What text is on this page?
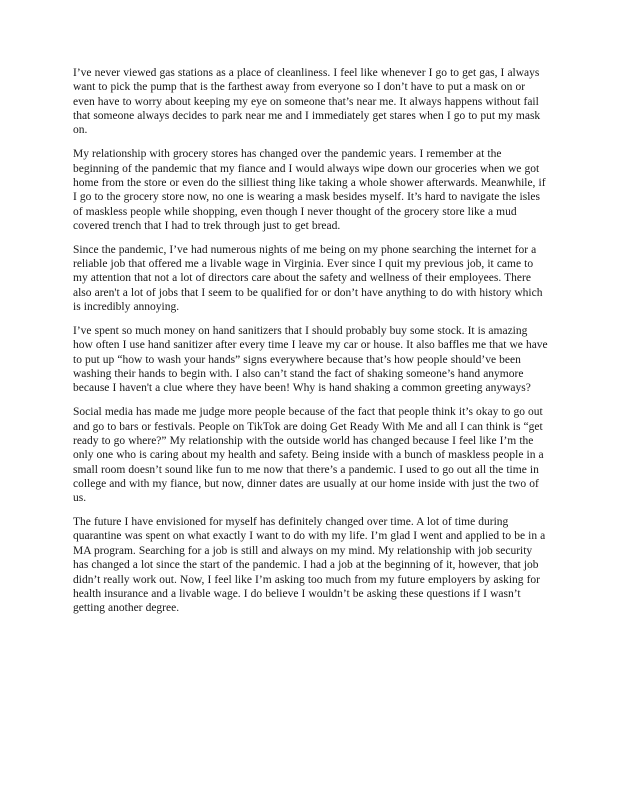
I’ve never viewed gas stations as a place of cleanliness. I feel like whenever I go to get gas, I always want to pick the pump that is the farthest away from everyone so I don’t have to put a mask on or even have to worry about keeping my eye on someone that’s near me. It always happens without fail that someone always decides to park near me and I immediately get stares when I go to put my mask on.

My relationship with grocery stores has changed over the pandemic years. I remember at the beginning of the pandemic that my fiance and I would always wipe down our groceries when we got home from the store or even do the silliest thing like taking a whole shower afterwards. Meanwhile, if I go to the grocery store now, no one is wearing a mask besides myself. It’s hard to navigate the isles of maskless people while shopping, even though I never thought of the grocery store like a mud covered trench that I had to trek through just to get bread.

Since the pandemic, I’ve had numerous nights of me being on my phone searching the internet for a reliable job that offered me a livable wage in Virginia. Ever since I quit my previous job, it came to my attention that not a lot of directors care about the safety and wellness of their employees. There also aren't a lot of jobs that I seem to be qualified for or don’t have anything to do with history which is incredibly annoying.

I’ve spent so much money on hand sanitizers that I should probably buy some stock. It is amazing how often I use hand sanitizer after every time I leave my car or house. It also baffles me that we have to put up “how to wash your hands” signs everywhere because that’s how people should’ve been washing their hands to begin with. I also can’t stand the fact of shaking someone’s hand anymore because I haven't a clue where they have been! Why is hand shaking a common greeting anyways?

Social media has made me judge more people because of the fact that people think it’s okay to go out and go to bars or festivals. People on TikTok are doing Get Ready With Me and all I can think is “get ready to go where?” My relationship with the outside world has changed because I feel like I’m the only one who is caring about my health and safety. Being inside with a bunch of maskless people in a small room doesn’t sound like fun to me now that there’s a pandemic. I used to go out all the time in college and with my fiance, but now, dinner dates are usually at our home inside with just the two of us.

The future I have envisioned for myself has definitely changed over time. A lot of time during quarantine was spent on what exactly I want to do with my life. I’m glad I went and applied to be in a MA program. Searching for a job is still and always on my mind. My relationship with job security has changed a lot since the start of the pandemic. I had a job at the beginning of it, however, that job didn’t really work out. Now, I feel like I’m asking too much from my future employers by asking for health insurance and a livable wage. I do believe I wouldn’t be asking these questions if I wasn’t getting another degree.
